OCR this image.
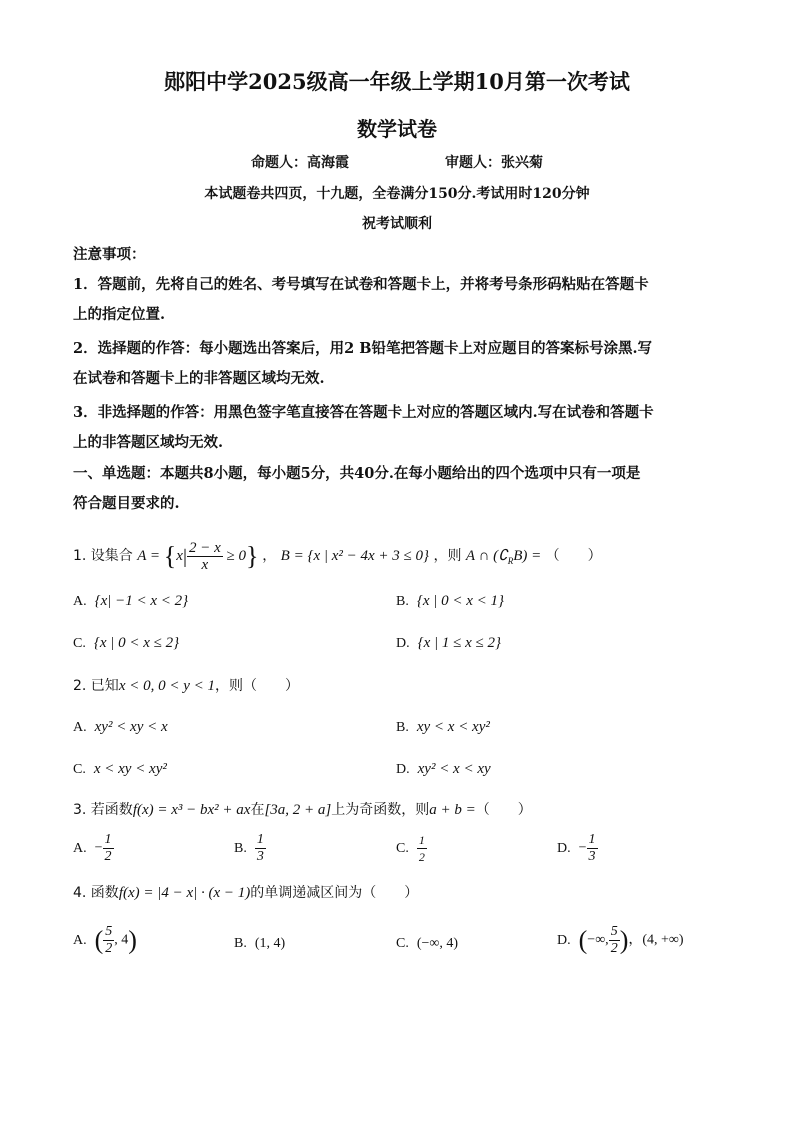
郧阳中学2025级高一年级上学期10月第一次考试
数学试卷
命题人：高海霞	审题人：张兴菊
本试题卷共四页，十九题，全卷满分150分.考试用时120分钟
祝考试顺利
注意事项：
1．答题前，先将自己的姓名、考号填写在试卷和答题卡上，并将考号条形码粘贴在答题卡
上的指定位置.
2．选择题的作答：每小题选出答案后，用2 B铅笔把答题卡上对应题目的答案标号涂黑.写
在试卷和答题卡上的非答题区域均无效.
3．非选择题的作答：用黑色签字笔直接答在答题卡上对应的答题区域内.写在试卷和答题卡
上的非答题区域均无效.
一、单选题：本题共8小题，每小题5分，共40分.在每小题给出的四个选项中只有一项是
符合题目要求的.
1. 设集合 $A = \{x| \frac{2 - x}{x} \ge 0\}$ ， B = {x | x² − 4x + 3 ≤ 0} ，则 A ∩ $(∁_RB)$ = （　　）
A. {x| −1 < x < 2}	B. {x | 0 < x < 1}
C. {x | 0 < x ≤ 2}	D. {x | 1 ≤ x ≤ 2}
2. 已知x < 0, 0 < y < 1，则（　　）
A. xy² < xy < x	B. xy < x < xy²
C. x < xy < xy²	D. xy² < x < xy
3. 若函数f(x) = x³ − bx² + ax在[3a, 2 + a]上为奇函数，则a + b =（　　）
A. − $\frac{1}{2}$	B. $\frac{1}{3}$	C. $\frac{1}{2}$	D. − $\frac{1}{3}$
4. 函数f(x) = |4 − x| · (x − 1)的单调递减区间为（　　）
A. ( $\frac{5}{2}$ , 4)	B. (1, 4)	C. (−∞, 4)	D. (−∞, $\frac{5}{2}$ )，(4, +∞)
